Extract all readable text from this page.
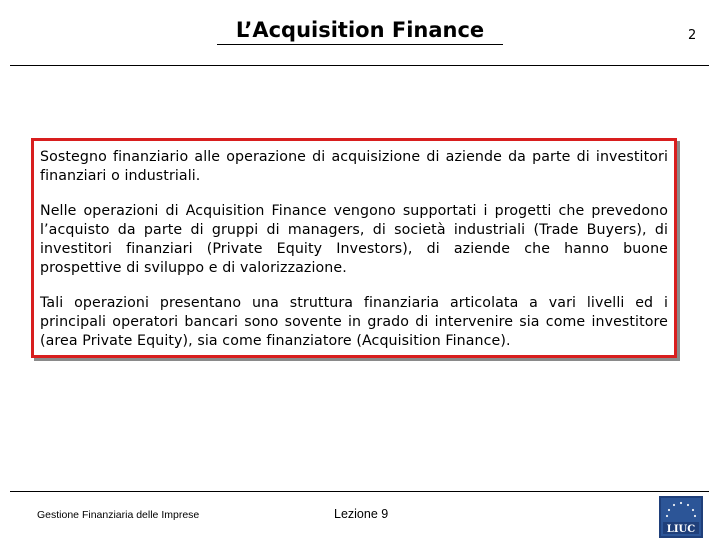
L’Acquisition Finance	2

Sostegno finanziario alle operazione di acquisizione di aziende da parte di investitori finanziari o industriali.

Nelle operazioni di Acquisition Finance vengono supportati i progetti che prevedono l’acquisto da parte di gruppi di managers, di società industriali (Trade Buyers), di investitori finanziari (Private Equity Investors), di aziende che hanno buone prospettive di sviluppo e di valorizzazione.

Tali operazioni presentano una struttura finanziaria articolata a vari livelli ed i principali operatori bancari sono sovente in grado di intervenire sia come investitore (area Private Equity), sia come finanziatore (Acquisition Finance).

Gestione Finanziaria delle Imprese	Lezione 9
LIUC
